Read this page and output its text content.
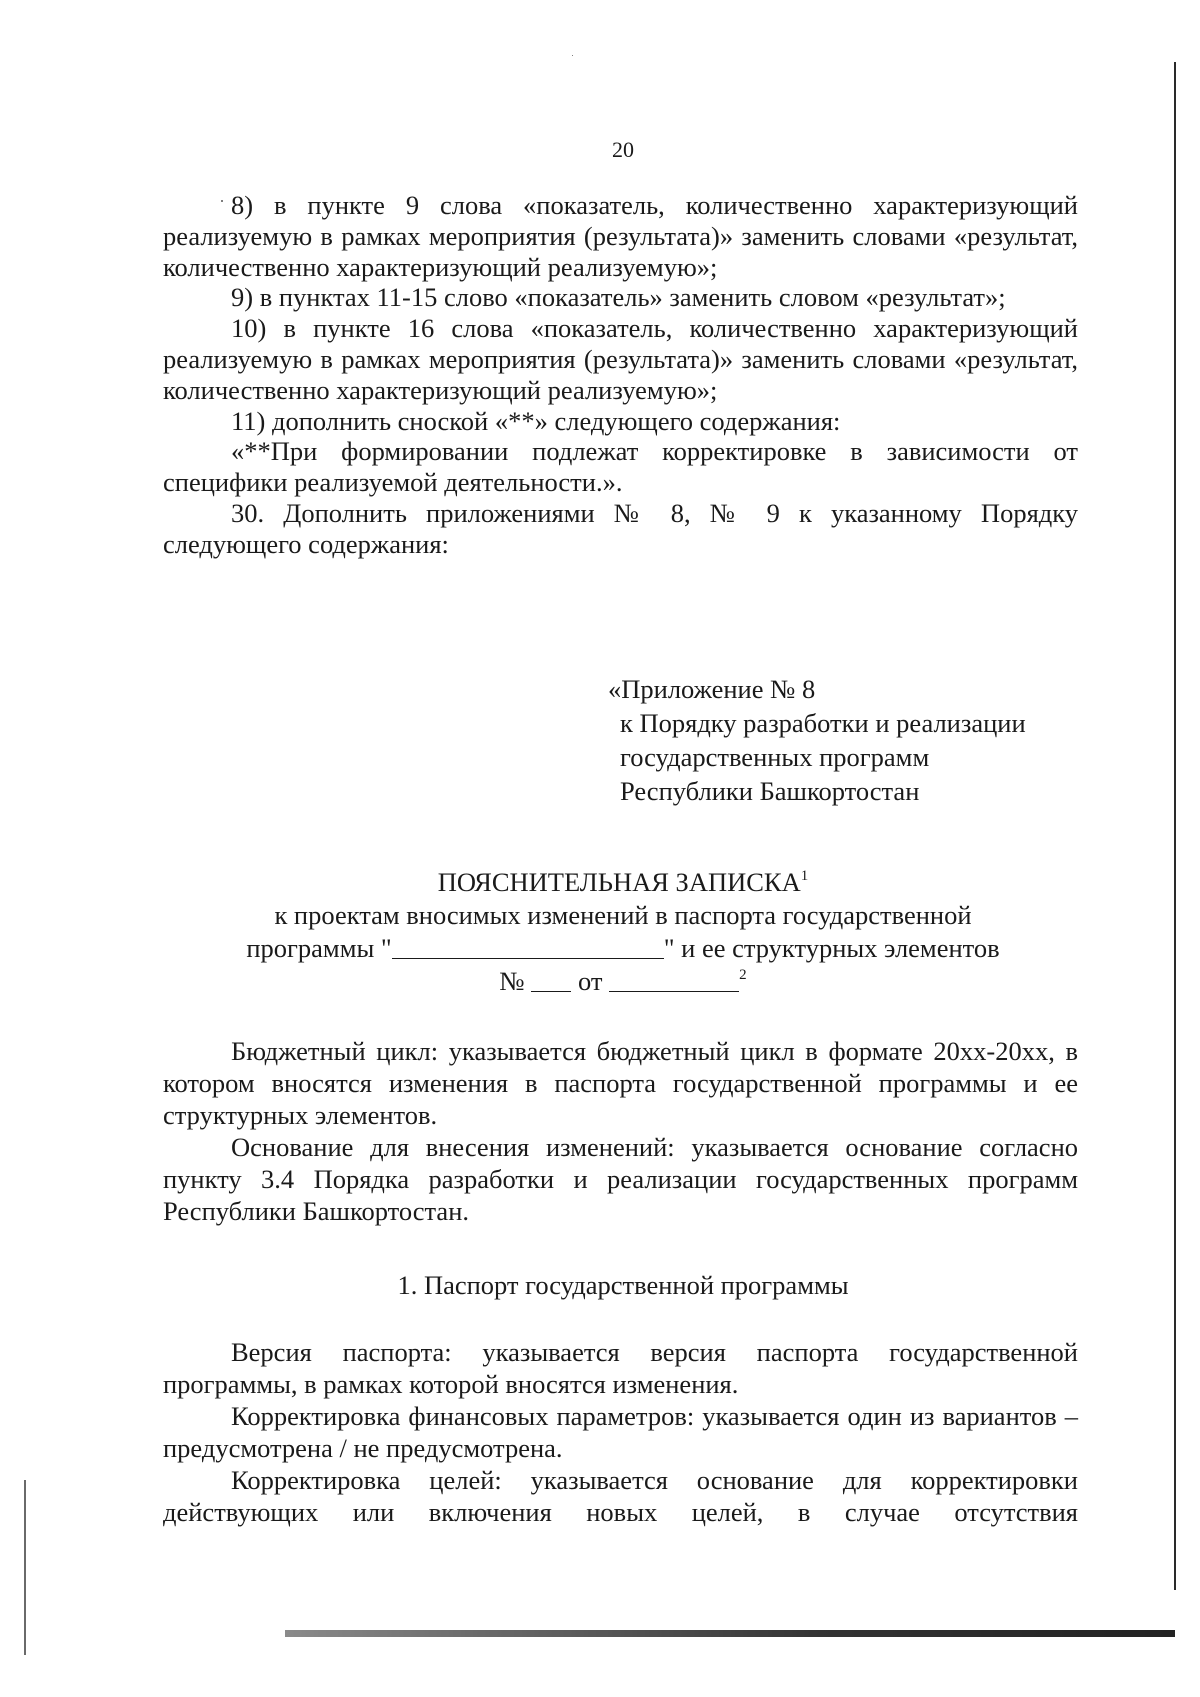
20

8) в пункте 9 слова «показатель, количественно характеризующий реализуемую в рамках мероприятия (результата)» заменить словами «результат, количественно характеризующий реализуемую»;

9) в пунктах 11-15 слово «показатель» заменить словом «результат»;

10) в пункте 16 слова «показатель, количественно характеризующий реализуемую в рамках мероприятия (результата)» заменить словами «результат, количественно характеризующий реализуемую»;

11) дополнить сноской «**» следующего содержания:

«**При формировании подлежат корректировке в зависимости от специфики реализуемой деятельности.».

30. Дополнить приложениями № 8, № 9 к указанному Порядку следующего содержания:

«Приложение № 8
к Порядку разработки и реализации
государственных программ
Республики Башкортостан
ПОЯСНИТЕЛЬНАЯ ЗАПИСКА$^1$
к проектам вносимых изменений в паспорта государственной
программы "	" и ее структурных элементов
№ от	$^2$

Бюджетный цикл: указывается бюджетный цикл в формате 20хх-20хх, в котором вносятся изменения в паспорта государственной программы и ее структурных элементов.

Основание для внесения изменений: указывается основание согласно пункту 3.4 Порядка разработки и реализации государственных программ Республики Башкортостан.

1. Паспорт государственной программы

Версия паспорта: указывается версия паспорта государственной программы, в рамках которой вносятся изменения.

Корректировка финансовых параметров: указывается один из вариантов – предусмотрена / не предусмотрена.

Корректировка целей: указывается основание для корректировки действующих или включения новых целей, в случае отсутствия
